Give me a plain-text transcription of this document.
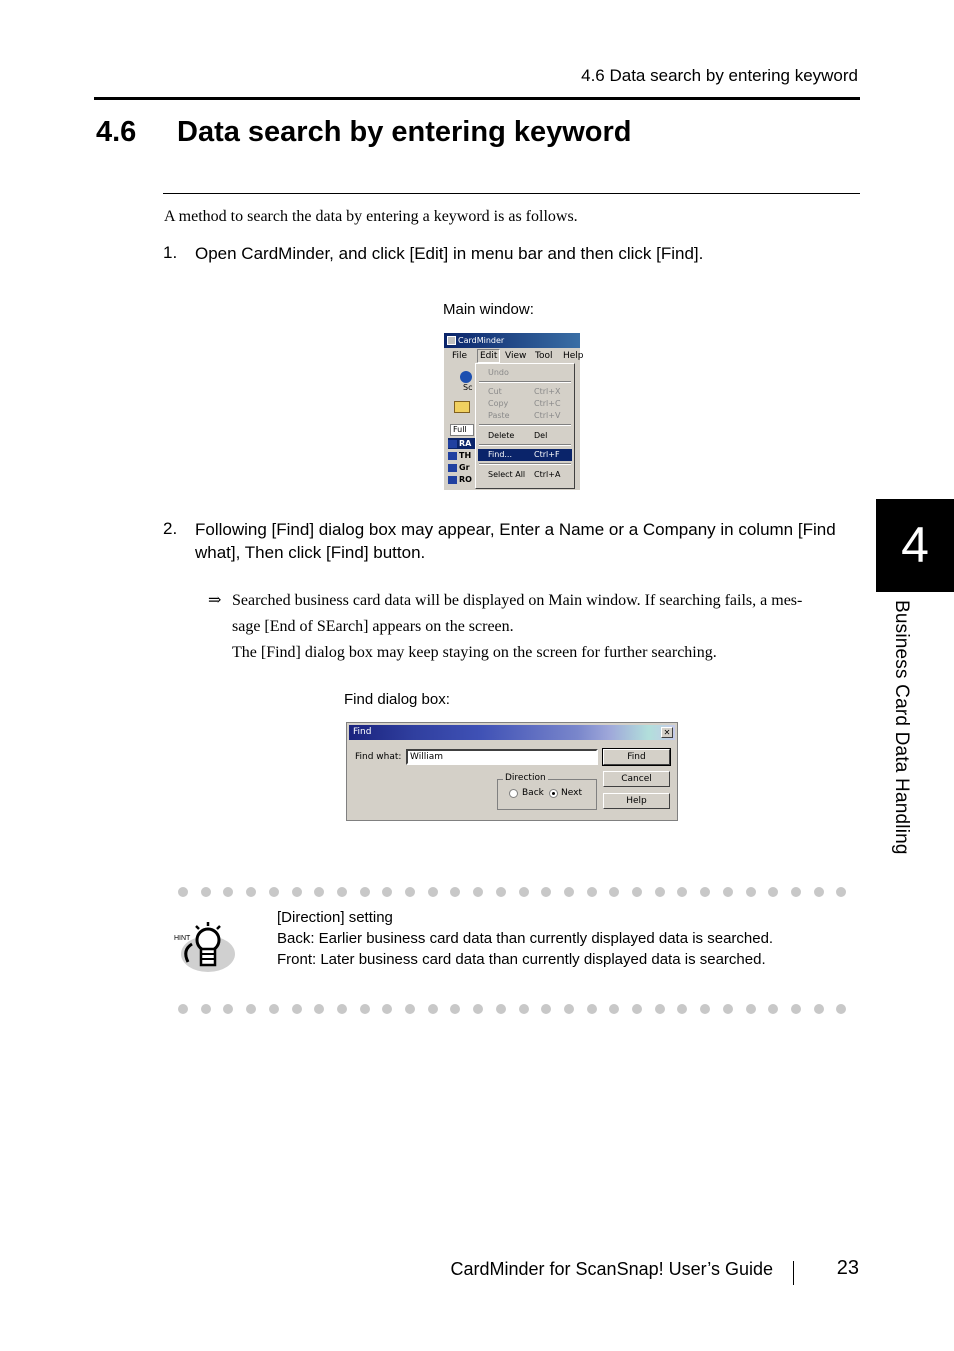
4.6 Data search by entering keyword
4.6 Data search by entering keyword
A method to search the data by entering a keyword is as follows.
1. Open CardMinder, and click [Edit] in menu bar and then click [Find].
Main window:
CardMinder
File	Edit View Tool Help
Sc
Full
RA
TH
Gr
RO
Undo
Cut	Ctrl+X
Copy	Ctrl+C
Paste	Ctrl+V
Delete Del
Find...	Ctrl+F
Select All Ctrl+A
2. Following [Find] dialog box may appear, Enter a Name or a Company in column [Find
what], Then click [Find] button.
⇒ Searched business card data will be displayed on Main window. If searching fails, a mes-
sage [End of SEarch] appears on the screen.
The [Find] dialog box may keep staying on the screen for further searching.
Find dialog box:
Find	✕
Find what: William	Find
Cancel
Help
Direction
Back Next
HINT
[Direction] setting
Back: Earlier business card data than currently displayed data is searched.
Front: Later business card data than currently displayed data is searched.
4
Business Card Data Handling
CardMinder for ScanSnap! User’s Guide	23
